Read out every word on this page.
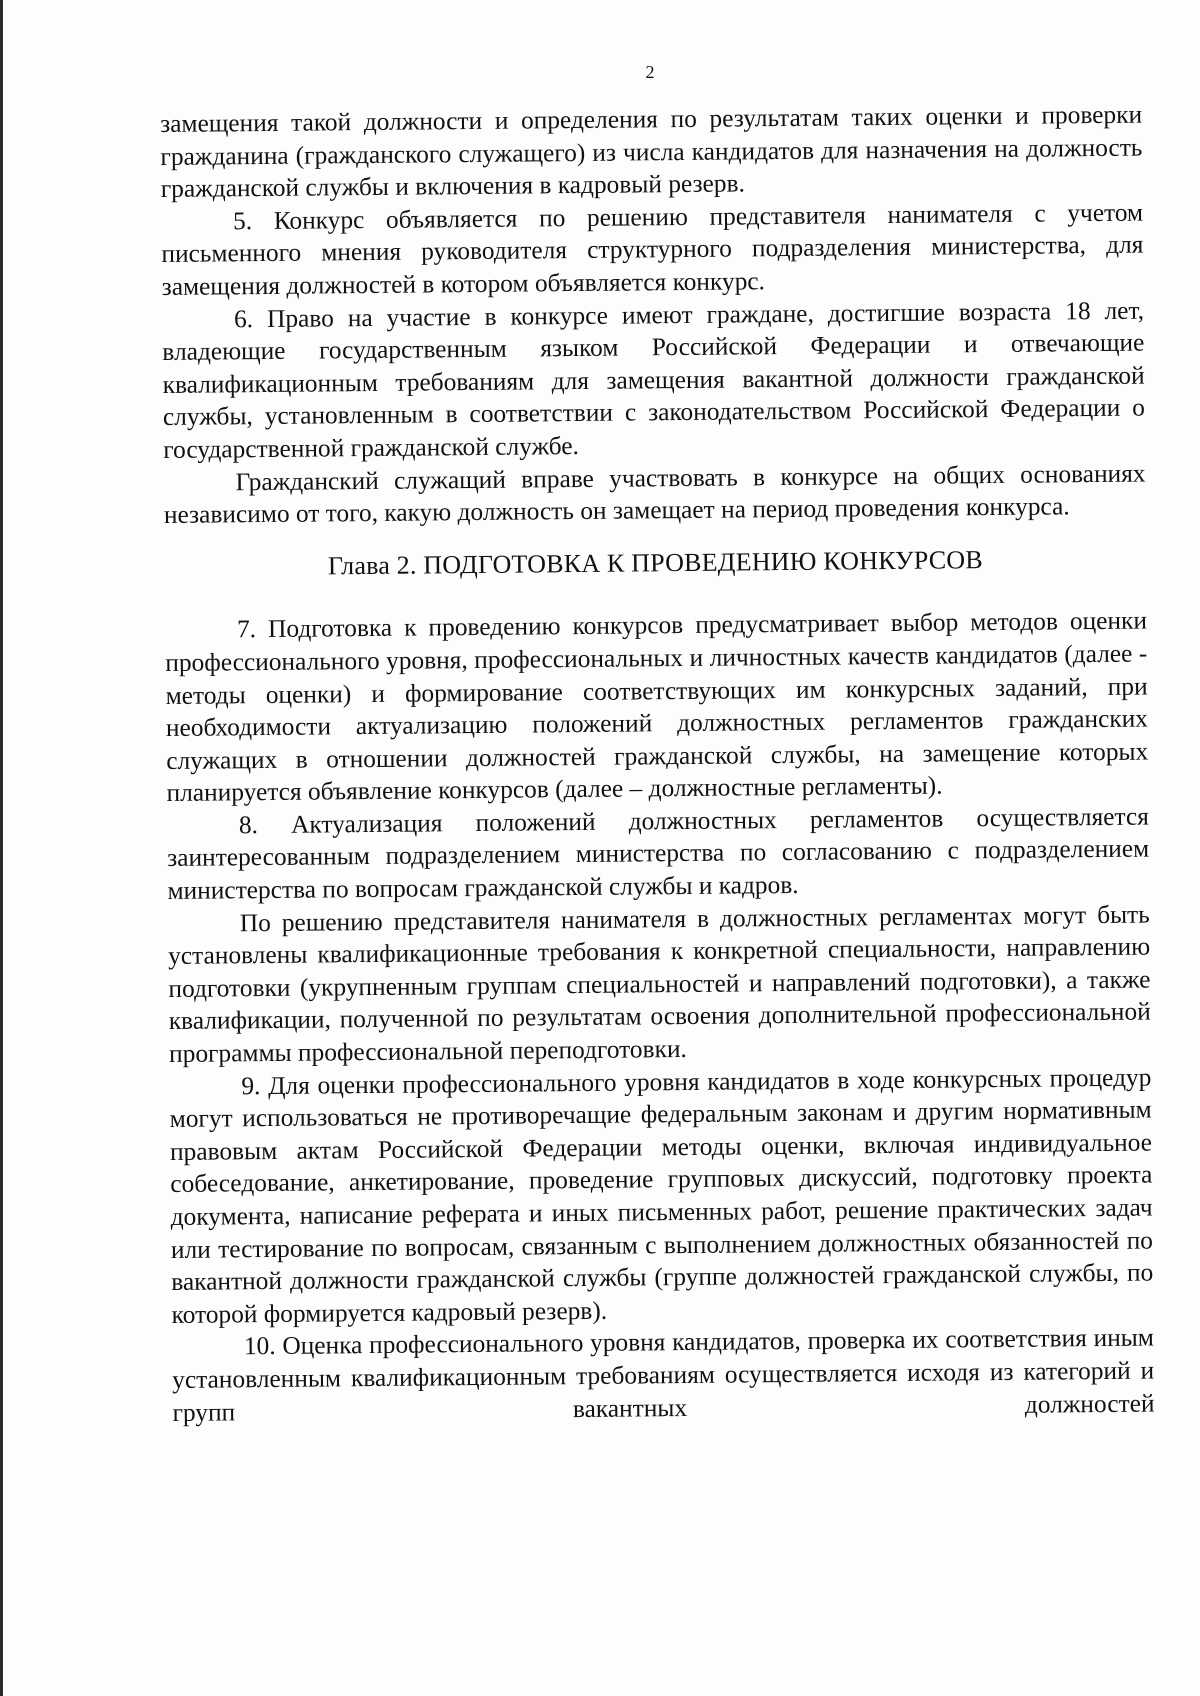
2

замещения такой должности и определения по результатам таких оценки и проверки гражданина (гражданского служащего) из числа кандидатов для назначения на должность гражданской службы и включения в кадровый резерв.

5. Конкурс объявляется по решению представителя нанимателя с учетом письменного мнения руководителя структурного подразделения министерства, для замещения должностей в котором объявляется конкурс.

6. Право на участие в конкурсе имеют граждане, достигшие возраста 18 лет, владеющие государственным языком Российской Федерации и отвечающие квалификационным требованиям для замещения вакантной должности гражданской службы, установленным в соответствии с законодательством Российской Федерации о государственной гражданской службе.

Гражданский служащий вправе участвовать в конкурсе на общих основаниях независимо от того, какую должность он замещает на период проведения конкурса.

Глава 2. ПОДГОТОВКА К ПРОВЕДЕНИЮ КОНКУРСОВ

7. Подготовка к проведению конкурсов предусматривает выбор методов оценки профессионального уровня, профессиональных и личностных качеств кандидатов (далее - методы оценки) и формирование соответствующих им конкурсных заданий, при необходимости актуализацию положений должностных регламентов гражданских служащих в отношении должностей гражданской службы, на замещение которых планируется объявление конкурсов (далее – должностные регламенты).

8. Актуализация положений должностных регламентов осуществляется заинтересованным подразделением министерства по согласованию с подразделением министерства по вопросам гражданской службы и кадров.

По решению представителя нанимателя в должностных регламентах могут быть установлены квалификационные требования к конкретной специальности, направлению подготовки (укрупненным группам специальностей и направлений подготовки), а также квалификации, полученной по результатам освоения дополнительной профессиональной программы профессиональной переподготовки.

9. Для оценки профессионального уровня кандидатов в ходе конкурсных процедур могут использоваться не противоречащие федеральным законам и другим нормативным правовым актам Российской Федерации методы оценки, включая индивидуальное собеседование, анкетирование, проведение групповых дискуссий, подготовку проекта документа, написание реферата и иных письменных работ, решение практических задач или тестирование по вопросам, связанным с выполнением должностных обязанностей по вакантной должности гражданской службы (группе должностей гражданской службы, по которой формируется кадровый резерв).

10. Оценка профессионального уровня кандидатов, проверка их соответствия иным установленным квалификационным требованиям осуществляется исходя из категорий и групп вакантных должностей
